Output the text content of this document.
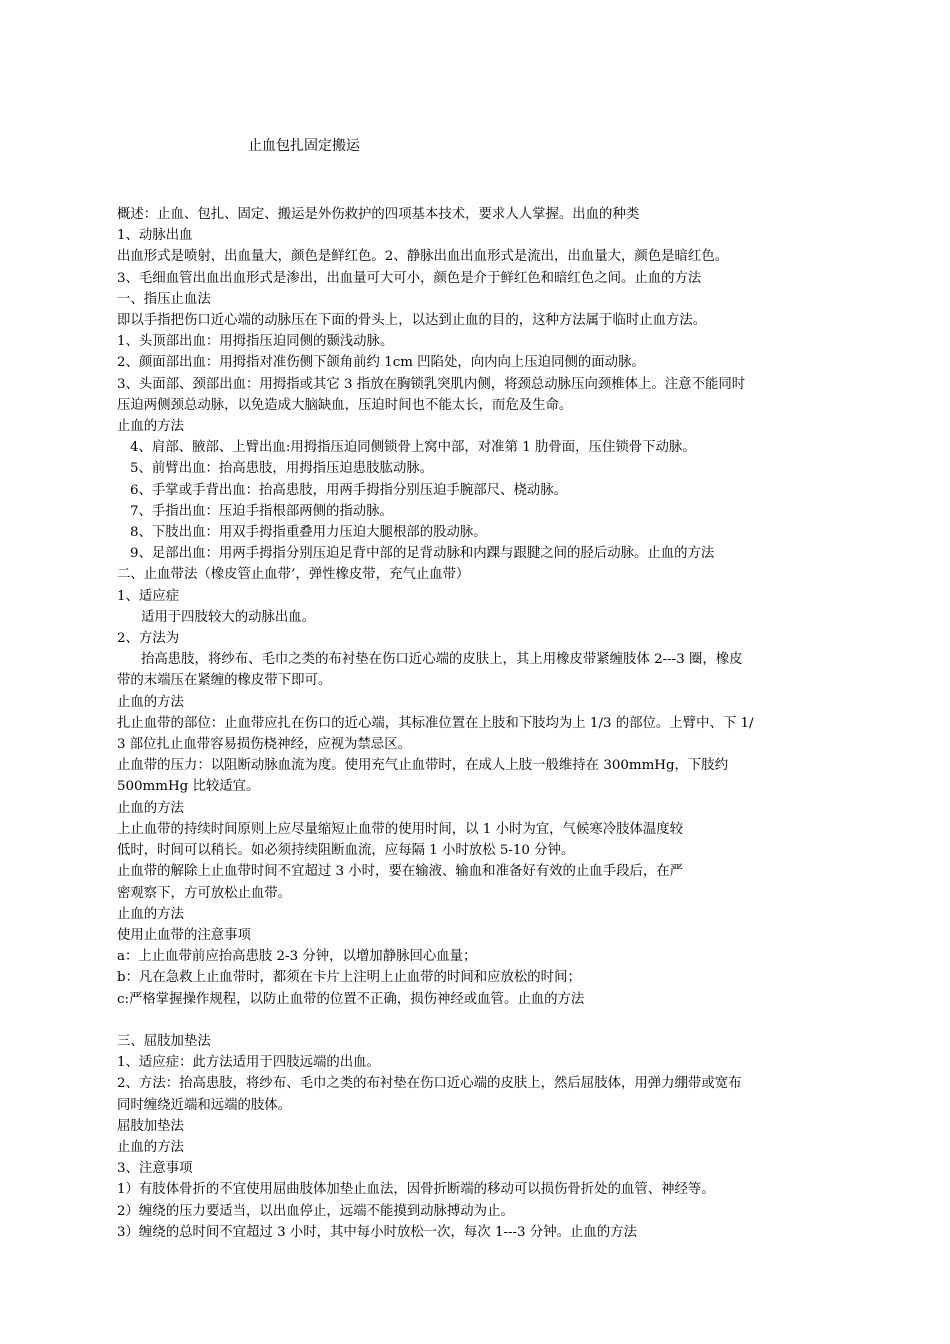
止血包扎固定搬运
概述：止血、包扎、固定、搬运是外伤救护的四项基本技术，要求人人掌握。出血的种类
1、动脉出血
出血形式是喷射，出血量大，颜色是鲜红色。2、静脉出血出血形式是流出，出血量大，颜色是暗红色。
3、毛细血管出血出血形式是渗出，出血量可大可小，颜色是介于鲜红色和暗红色之间。止血的方法
一、指压止血法
即以手指把伤口近心端的动脉压在下面的骨头上，以达到止血的目的，这种方法属于临时止血方法。
1、头顶部出血：用拇指压迫同侧的颞浅动脉。
2、颜面部出血：用拇指对准伤侧下颌角前约 1cm 凹陷处，向内向上压迫同侧的面动脉。
3、头面部、颈部出血：用拇指或其它 3 指放在胸锁乳突肌内侧，将颈总动脉压向颈椎体上。注意不能同时
压迫两侧颈总动脉，以免造成大脑缺血，压迫时间也不能太长，而危及生命。
止血的方法
4、肩部、腋部、上臂出血:用拇指压迫同侧锁骨上窝中部，对准第 1 肋骨面，压住锁骨下动脉。
5、前臂出血：抬高患肢，用拇指压迫患肢肱动脉。
6、手掌或手背出血：抬高患肢，用两手拇指分别压迫手腕部尺、桡动脉。
7、手指出血：压迫手指根部两侧的指动脉。
8、下肢出血：用双手拇指重叠用力压迫大腿根部的股动脉。
9、足部出血：用两手拇指分别压迫足背中部的足背动脉和内踝与跟腱之间的胫后动脉。止血的方法
二、止血带法（橡皮管止血带’，弹性橡皮带，充气止血带）
1、适应症
适用于四肢较大的动脉出血。
2、方法为
抬高患肢，将纱布、毛巾之类的布衬垫在伤口近心端的皮肤上，其上用橡皮带紧缠肢体 2---3 圈，橡皮
带的末端压在紧缠的橡皮带下即可。
止血的方法
扎止血带的部位：止血带应扎在伤口的近心端，其标准位置在上肢和下肢均为上 1/3 的部位。上臂中、下 1/
3 部位扎止血带容易损伤桡神经，应视为禁忌区。
止血带的压力：以阻断动脉血流为度。使用充气止血带时，在成人上肢一般维持在 300mmHg，下肢约
500mmHg 比较适宜。
止血的方法
上止血带的持续时间原则上应尽量缩短止血带的使用时间，以 1 小时为宜，气候寒冷肢体温度较
低时，时间可以稍长。如必须持续阻断血流，应每隔 1 小时放松 5-10 分钟。
止血带的解除上止血带时间不宜超过 3 小时，要在输液、输血和准备好有效的止血手段后，在严
密观察下，方可放松止血带。
止血的方法
使用止血带的注意事项
a：上止血带前应抬高患肢 2-3 分钟，以增加静脉回心血量；
b：凡在急救上止血带时，都须在卡片上注明上止血带的时间和应放松的时间；
c:严格掌握操作规程，以防止血带的位置不正确，损伤神经或血管。止血的方法
三、屈肢加垫法
1、适应症：此方法适用于四肢远端的出血。
2、方法：抬高患肢，将纱布、毛巾之类的布衬垫在伤口近心端的皮肤上，然后屈肢体，用弹力绷带或宽布
同时缠绕近端和远端的肢体。
屈肢加垫法
止血的方法
3、注意事项
1）有肢体骨折的不宜使用屈曲肢体加垫止血法，因骨折断端的移动可以损伤骨折处的血管、神经等。
2）缠绕的压力要适当，以出血停止，远端不能摸到动脉搏动为止。
3）缠绕的总时间不宜超过 3 小时，其中每小时放松一次，每次 1---3 分钟。止血的方法
